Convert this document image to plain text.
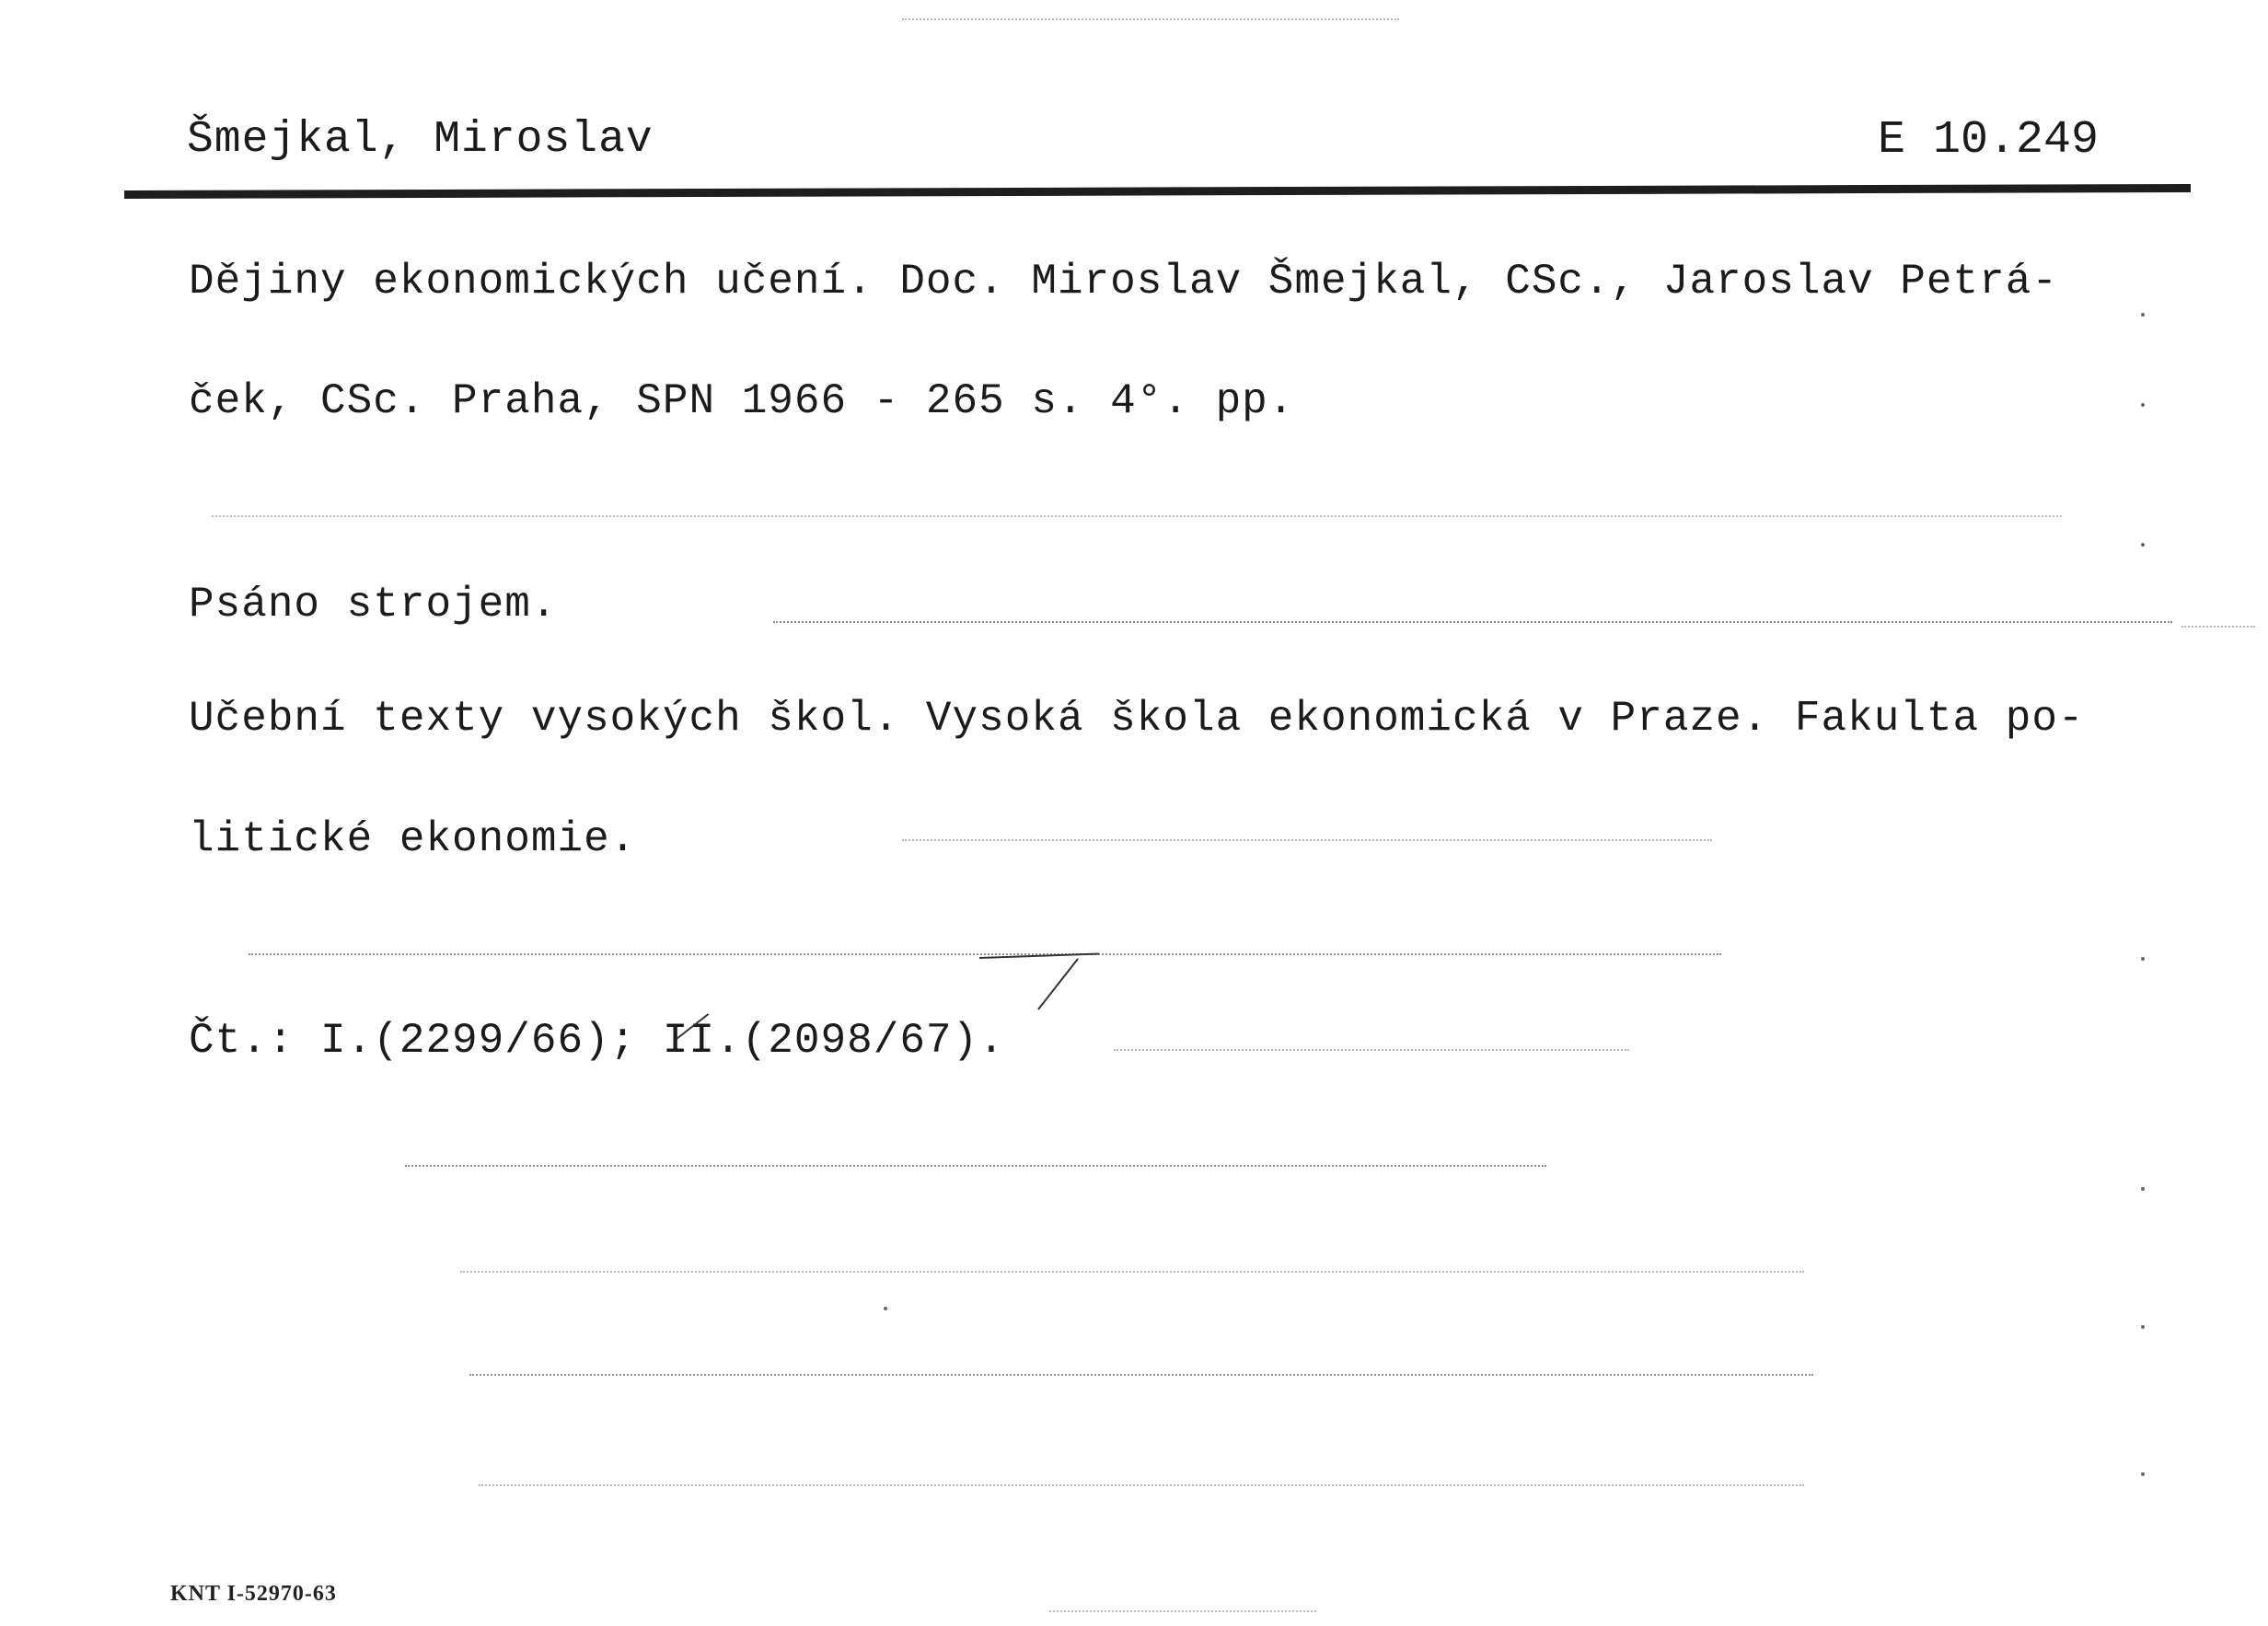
Šmejkal, Miroslav	E 10.249
Dějiny ekonomických učení. Doc. Miroslav Šmejkal, CSc., Jaroslav Petrá-
ček, CSc. Praha, SPN 1966 - 265 s. 4°. pp.
Psáno strojem.
Učební texty vysokých škol. Vysoká škola ekonomická v Praze. Fakulta po-
litické ekonomie.
Čt.: I.(2299/66); II.(2098/67).
KNT I-52970-63
